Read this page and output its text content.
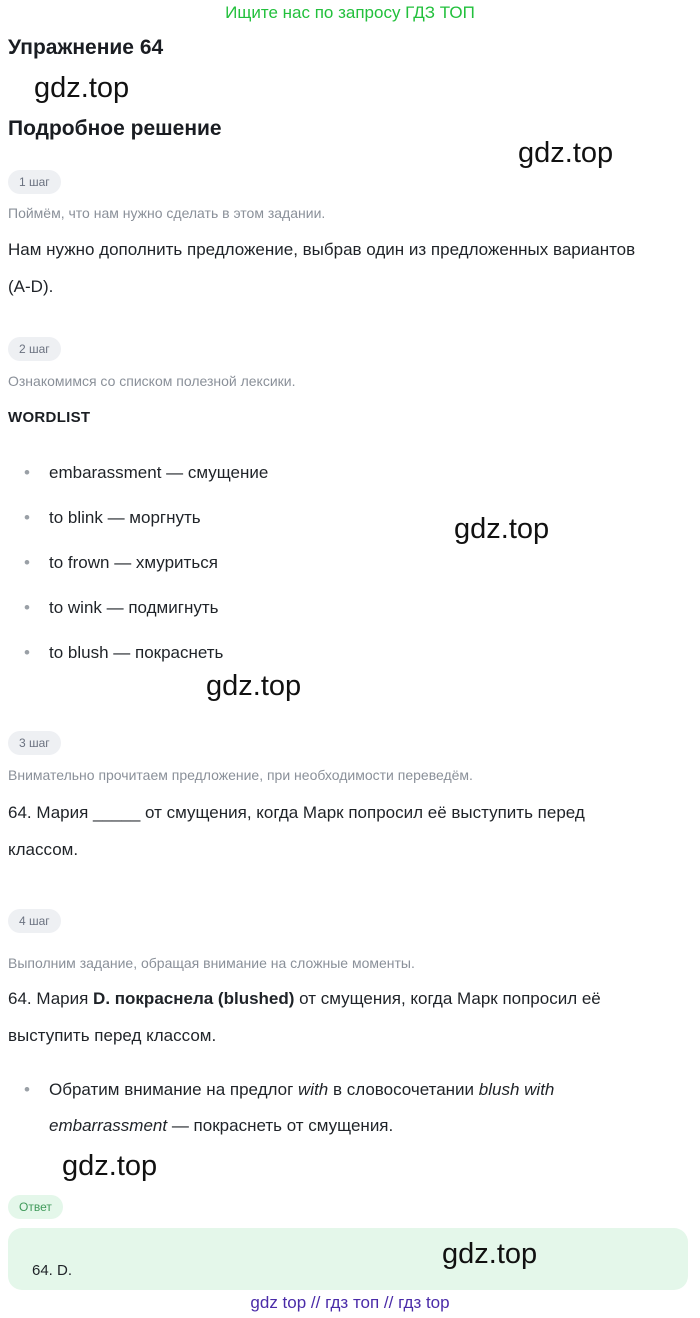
Ищите нас по запросу ГДЗ ТОП
Упражнение 64
gdz.top
Подробное решение
gdz.top
1 шаг
Поймём, что нам нужно сделать в этом задании.
Нам нужно дополнить предложение, выбрав один из предложенных вариантов (A-D).
2 шаг
Ознакомимся со списком полезной лексики.
WORDLIST
• embarassment — смущение
• to blink — моргнуть
• to frown — хмуриться
• to wink — подмигнуть
• to blush — покраснеть
gdz.top
gdz.top
3 шаг
Внимательно прочитаем предложение, при необходимости переведём.
64. Мария _____ от смущения, когда Марк попросил её выступить перед классом.
4 шаг
Выполним задание, обращая внимание на сложные моменты.
64. Мария D. покраснела (blushed) от смущения, когда Марк попросил её выступить перед классом.
•	Обратим внимание на предлог with в словосочетании blush with embarrassment — покраснеть от смущения.
gdz.top
Ответ
64. D.
gdz.top
gdz top // гдз топ // гдз top
